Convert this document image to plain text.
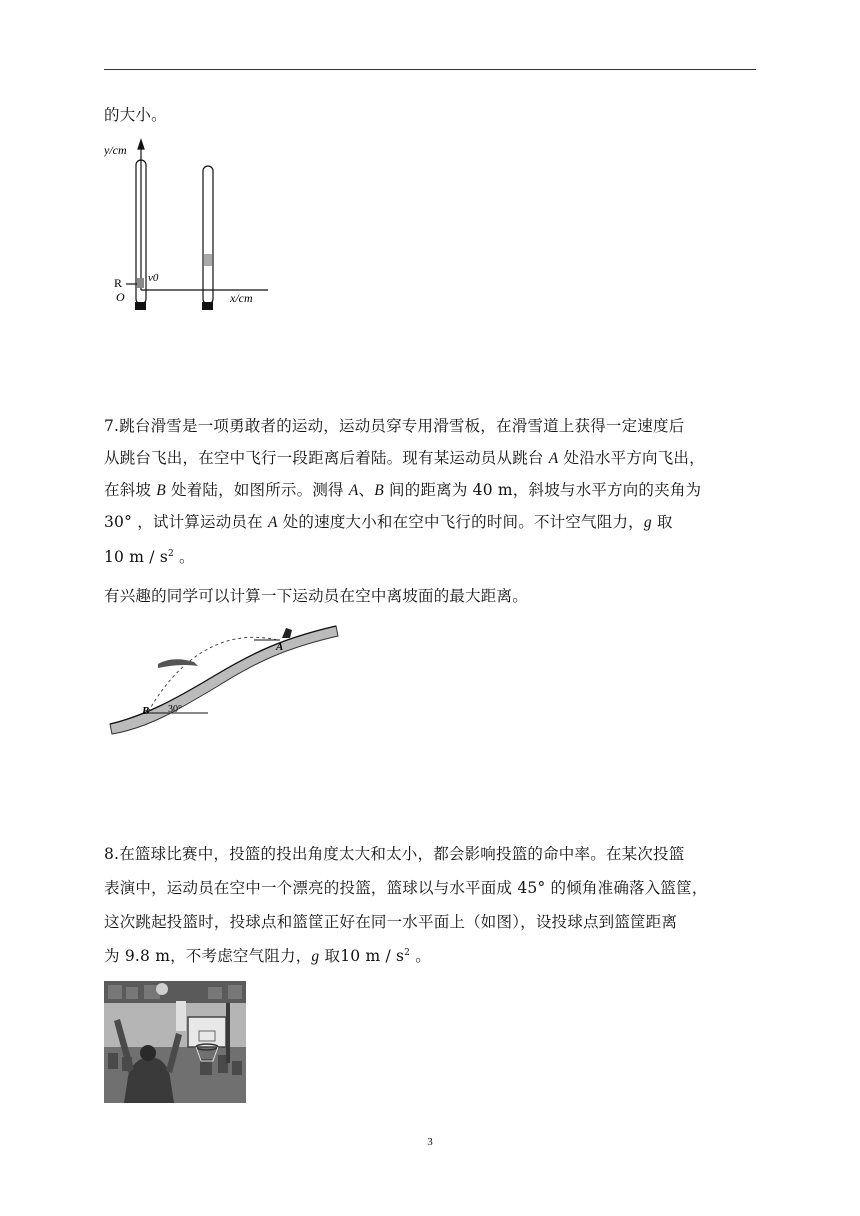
的大小。
y/cm
x/cm
v0
R
O
7.跳台滑雪是一项勇敢者的运动，运动员穿专用滑雪板，在滑雪道上获得一定速度后
从跳台飞出，在空中飞行一段距离后着陆。现有某运动员从跳台 A 处沿水平方向飞出，
在斜坡 B 处着陆，如图所示。测得 A、B 间的距离为 40 m，斜坡与水平方向的夹角为
30° ，试计算运动员在 A 处的速度大小和在空中飞行的时间。不计空气阻力，g 取
10 m / $s^2$ 。
有兴趣的同学可以计算一下运动员在空中离坡面的最大距离。
A
B 30°
8.在篮球比赛中，投篮的投出角度太大和太小，都会影响投篮的命中率。在某次投篮
表演中，运动员在空中一个漂亮的投篮，篮球以与水平面成 45° 的倾角准确落入篮筐，
这次跳起投篮时，投球点和篮筐正好在同一水平面上（如图），设投球点到篮筐距离
为 9.8 m，不考虑空气阻力，g 取10 m / $s^2$ 。
3
